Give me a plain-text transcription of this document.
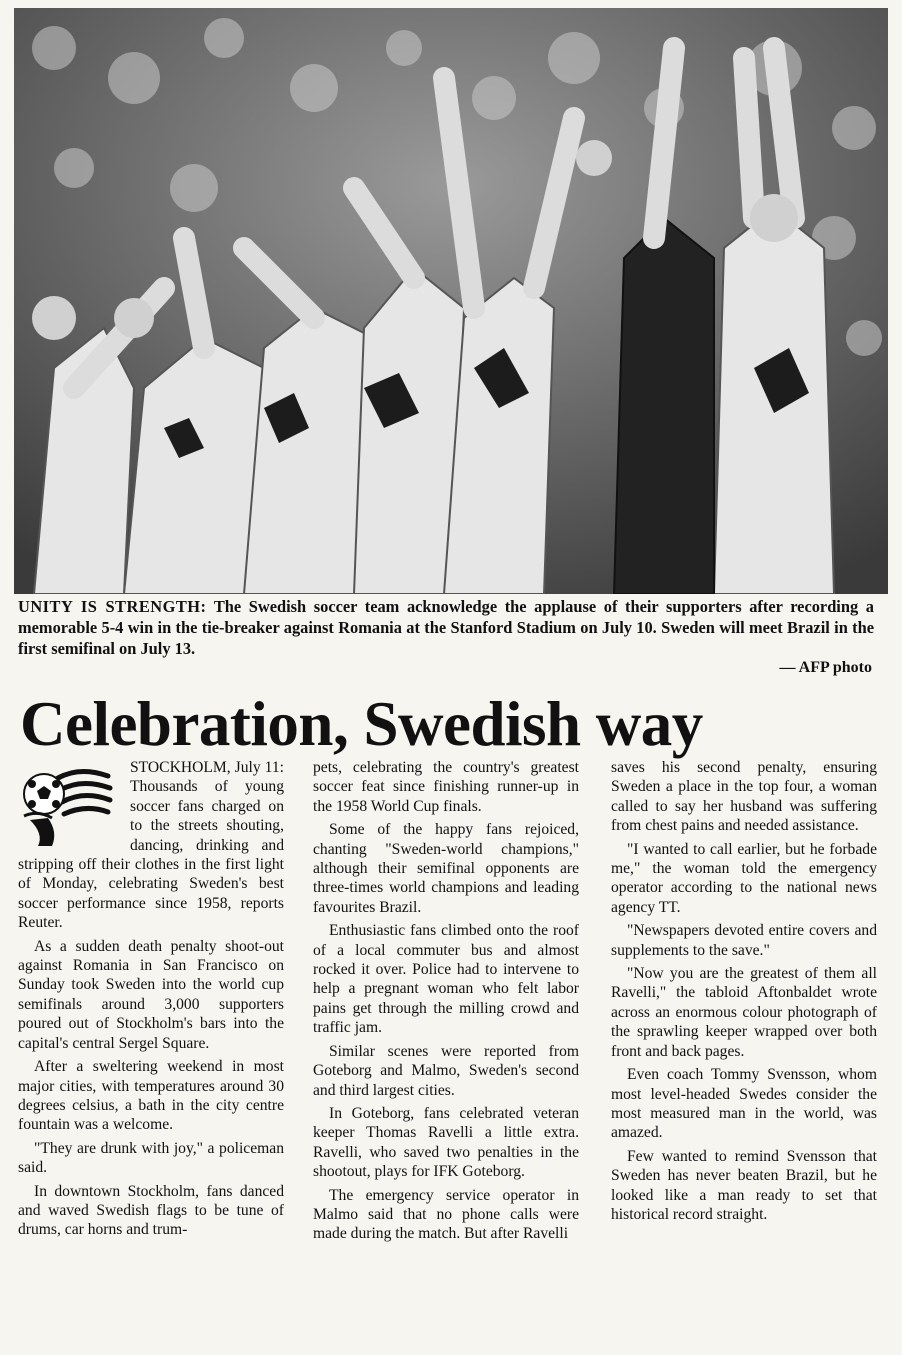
UNITY IS STRENGTH: The Swedish soccer team acknowledge the applause of their supporters after recording a memorable 5-4 win in the tie-breaker against Romania at the Stanford Stadium on July 10. Sweden will meet Brazil in the first semifinal on July 13.
— AFP photo
Celebration, Swedish way

STOCKHOLM, July 11: Thousands of young soccer fans charged on to the streets shouting, dancing, drinking and stripping off their clothes in the first light of Monday, celebrating Sweden's best soccer performance since 1958, reports Reuter.

As a sudden death penalty shoot-out against Romania in San Francisco on Sunday took Sweden into the world cup semifinals around 3,000 supporters poured out of Stockholm's bars into the capital's central Sergel Square.

After a sweltering weekend in most major cities, with temperatures around 30 degrees celsius, a bath in the city centre fountain was a welcome.

"They are drunk with joy," a policeman said.

In downtown Stockholm, fans danced and waved Swedish flags to be tune of drums, car horns and trum-

pets, celebrating the country's greatest soccer feat since finishing runner-up in the 1958 World Cup finals.

Some of the happy fans rejoiced, chanting "Sweden-world champions," although their semifinal opponents are three-times world champions and leading favourites Brazil.

Enthusiastic fans climbed onto the roof of a local commuter bus and almost rocked it over. Police had to intervene to help a pregnant woman who felt labor pains get through the milling crowd and traffic jam.

Similar scenes were reported from Goteborg and Malmo, Sweden's second and third largest cities.

In Goteborg, fans celebrated veteran keeper Thomas Ravelli a little extra. Ravelli, who saved two penalties in the shootout, plays for IFK Goteborg.

The emergency service operator in Malmo said that no phone calls were made during the match. But after Ravelli

saves his second penalty, ensuring Sweden a place in the top four, a woman called to say her husband was suffering from chest pains and needed assistance.

"I wanted to call earlier, but he forbade me," the woman told the emergency operator according to the national news agency TT.

"Newspapers devoted entire covers and supplements to the save."

"Now you are the greatest of them all Ravelli," the tabloid Aftonbaldet wrote across an enormous colour photograph of the sprawling keeper wrapped over both front and back pages.

Even coach Tommy Svensson, whom most level-headed Swedes consider the most measured man in the world, was amazed.

Few wanted to remind Svensson that Sweden has never beaten Brazil, but he looked like a man ready to set that historical record straight.
